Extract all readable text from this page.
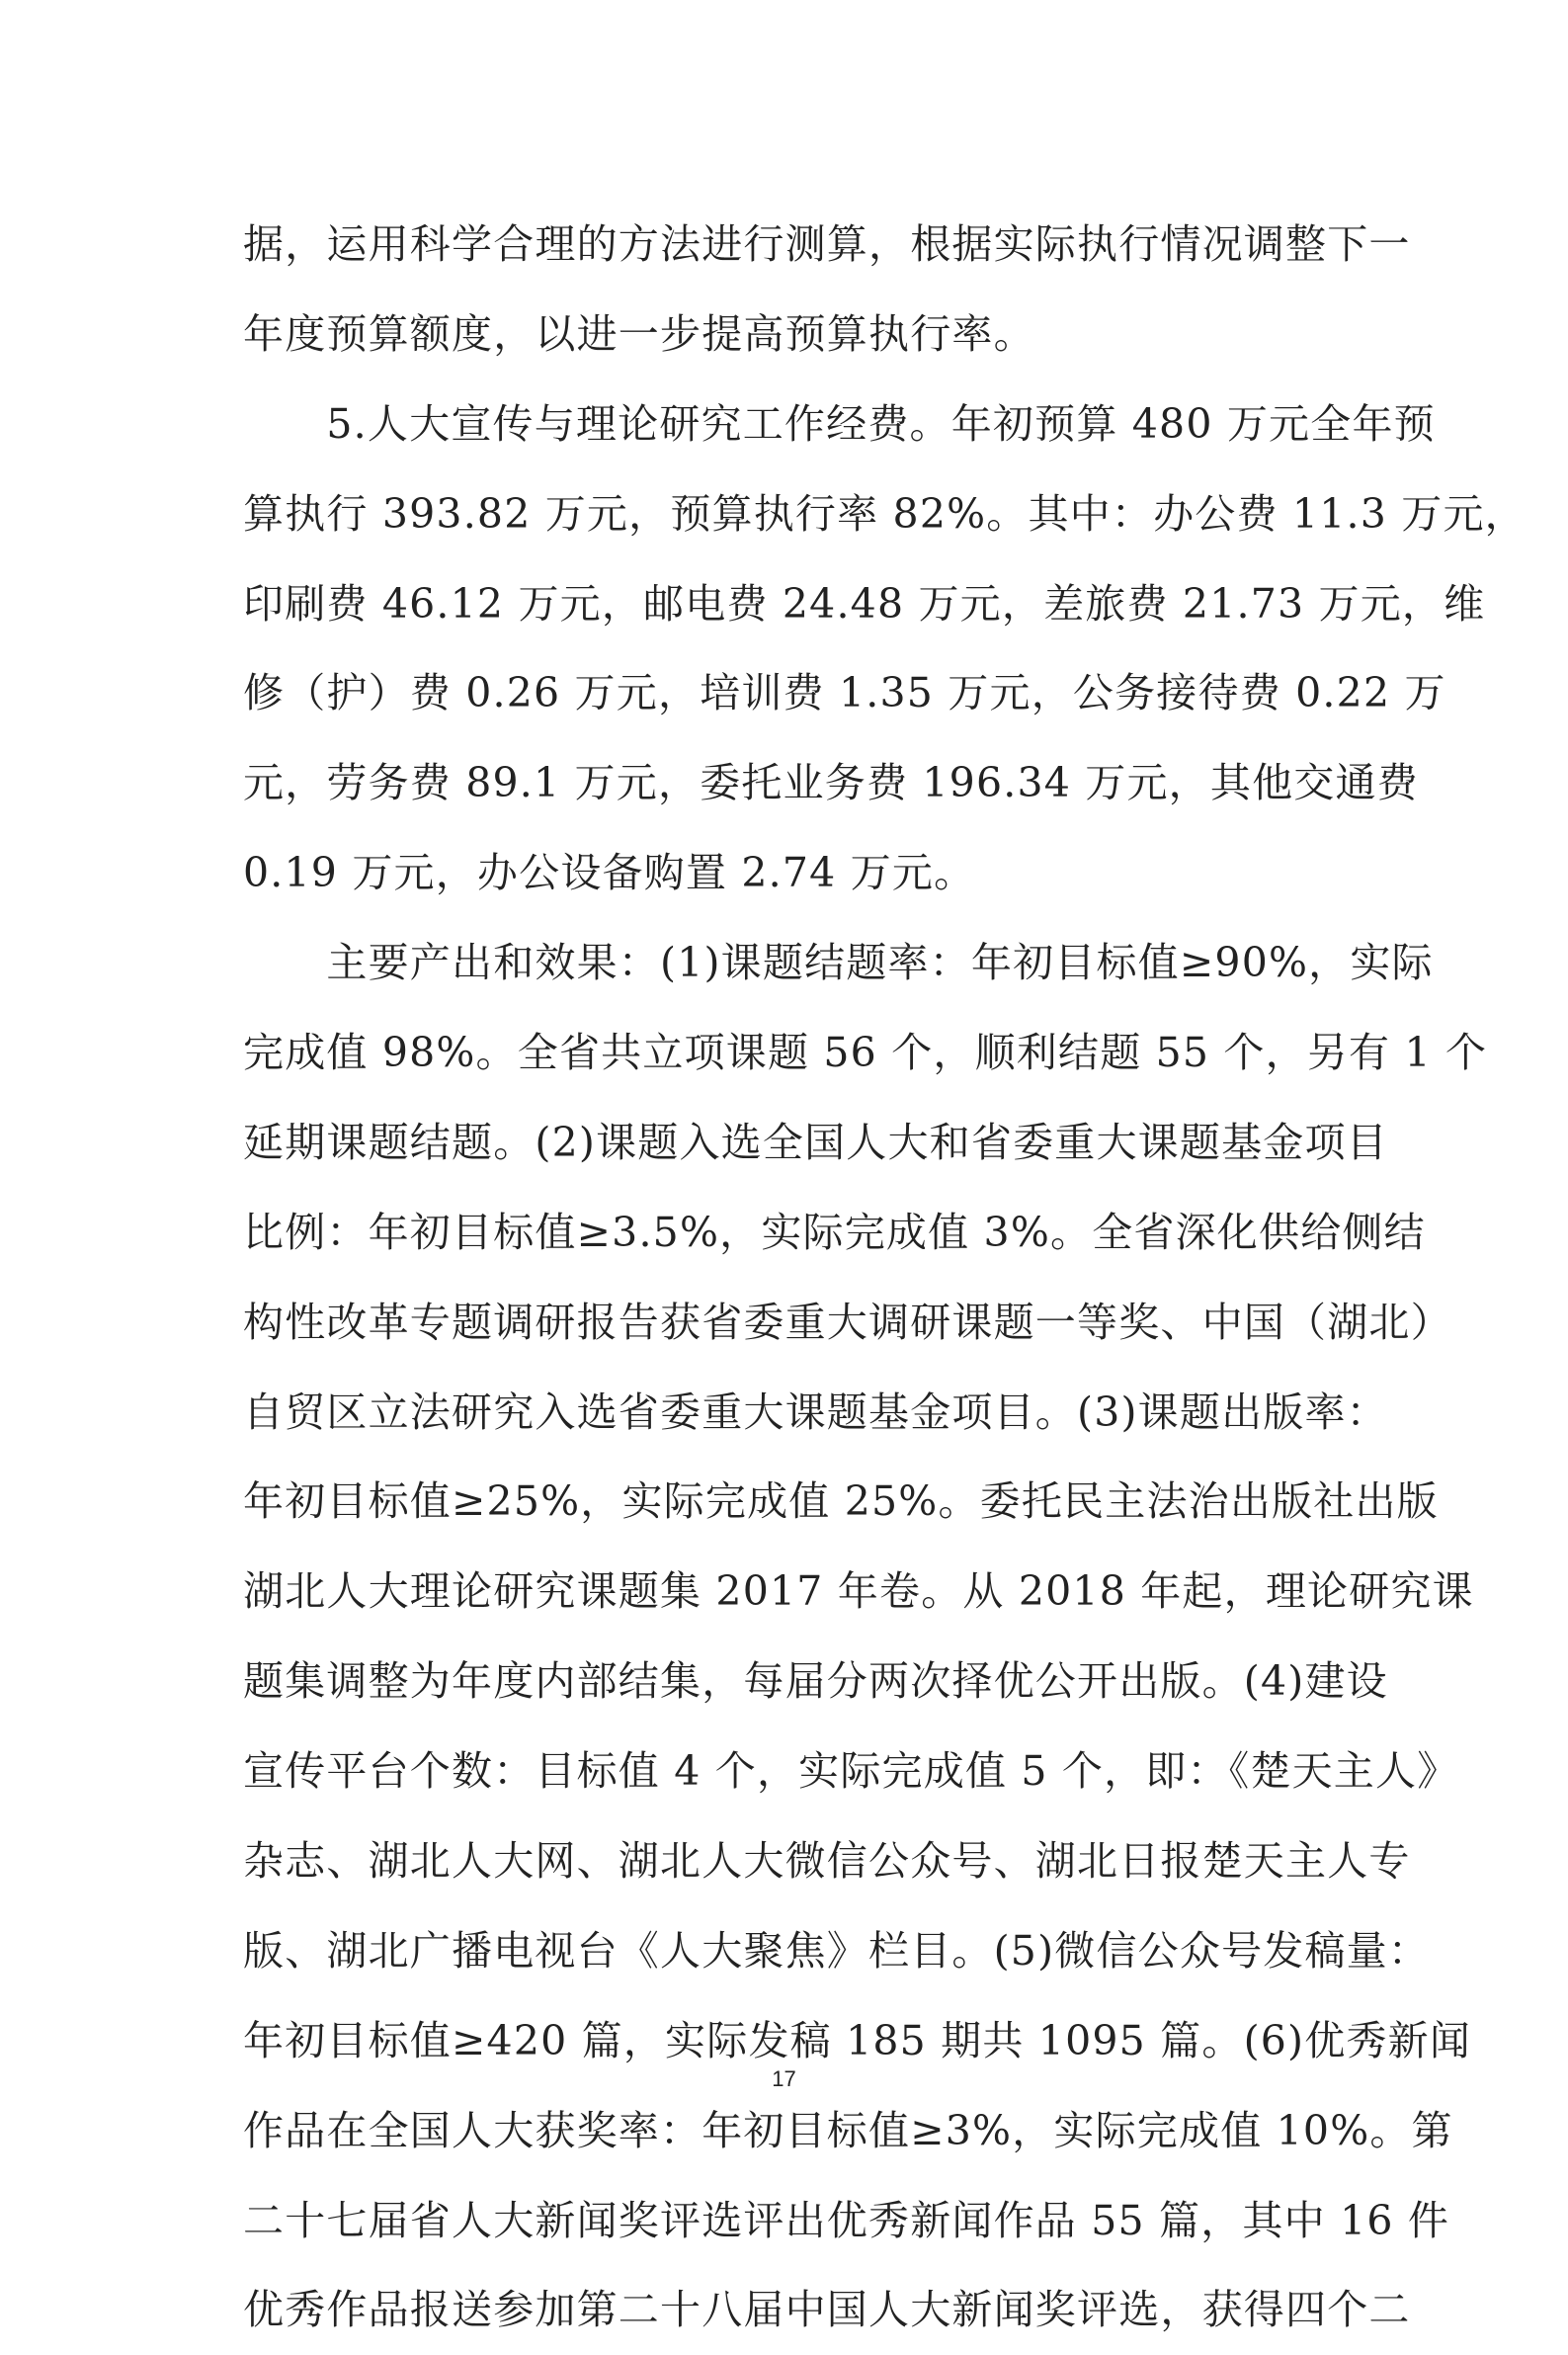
据，运用科学合理的方法进行测算，根据实际执行情况调整下一
年度预算额度，以进一步提高预算执行率。
　　5.人大宣传与理论研究工作经费。年初预算 480 万元全年预
算执行 393.82 万元，预算执行率 82%。其中：办公费 11.3 万元，
印刷费 46.12 万元，邮电费 24.48 万元，差旅费 21.73 万元，维
修（护）费 0.26 万元，培训费 1.35 万元，公务接待费 0.22 万
元，劳务费 89.1 万元，委托业务费 196.34 万元，其他交通费
0.19 万元，办公设备购置 2.74 万元。
　　主要产出和效果：(1)课题结题率：年初目标值≥90%，实际
完成值 98%。全省共立项课题 56 个，顺利结题 55 个，另有 1 个
延期课题结题。(2)课题入选全国人大和省委重大课题基金项目
比例：年初目标值≥3.5%，实际完成值 3%。全省深化供给侧结
构性改革专题调研报告获省委重大调研课题一等奖、中国（湖北）
自贸区立法研究入选省委重大课题基金项目。(3)课题出版率：
年初目标值≥25%，实际完成值 25%。委托民主法治出版社出版
湖北人大理论研究课题集 2017 年卷。从 2018 年起，理论研究课
题集调整为年度内部结集，每届分两次择优公开出版。(4)建设
宣传平台个数：目标值 4 个，实际完成值 5 个，即：《楚天主人》
杂志、湖北人大网、湖北人大微信公众号、湖北日报楚天主人专
版、湖北广播电视台《人大聚焦》栏目。(5)微信公众号发稿量：
年初目标值≥420 篇，实际发稿 185 期共 1095 篇。(6)优秀新闻
作品在全国人大获奖率：年初目标值≥3%，实际完成值 10%。第
二十七届省人大新闻奖评选评出优秀新闻作品 55 篇，其中 16 件
优秀作品报送参加第二十八届中国人大新闻奖评选，获得四个二
17
